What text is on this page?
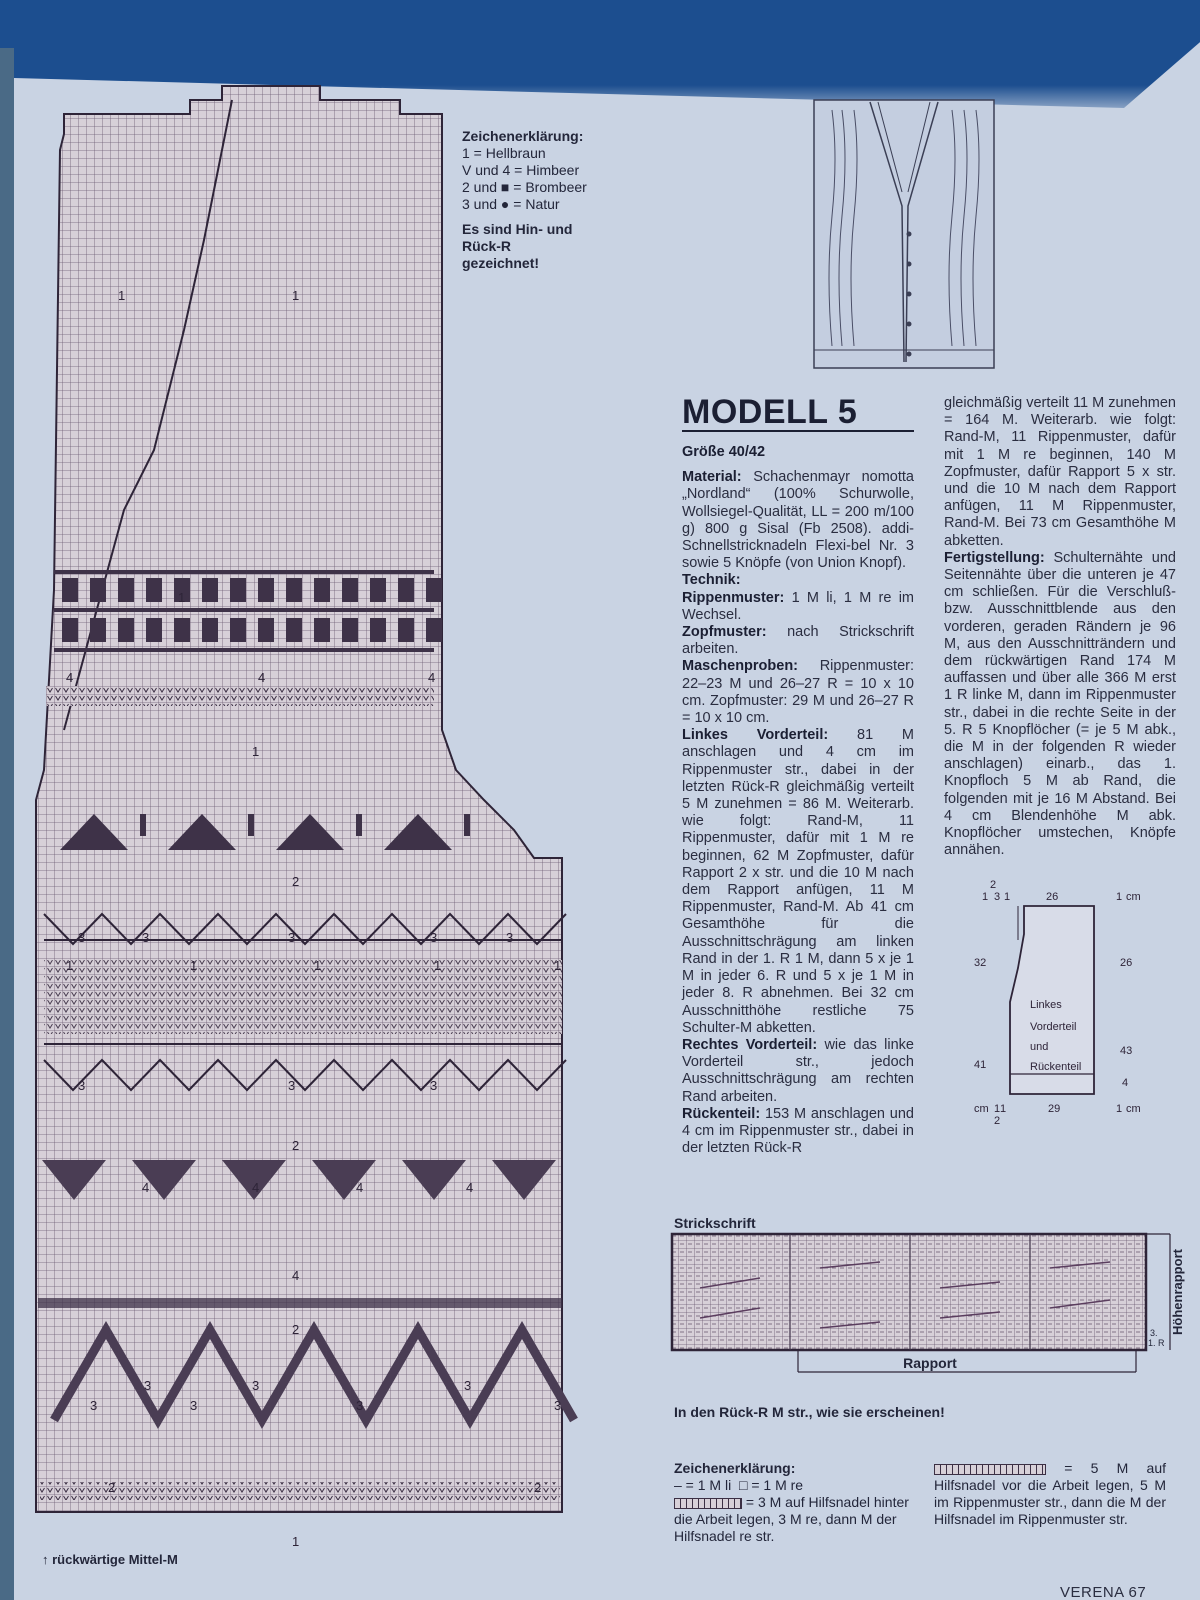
1	1
1
4	4	4
1
2
3	3	3	3	3
1	1	1	1	1
3	3	3
2
4	4	4	4
4
2
3	3
3	3
3
3	3
2	2
1
↑ rückwärtige Mittel-M
Zeichenerklärung:
1 = Hellbraun
V und 4 = Himbeer
2 und ■ = Brombeer
3 und ● = Natur
Es sind Hin- und Rück-R gezeichnet!
MODELL 5

Größe 40/42

Material: Schachenmayr nomotta „Nordland“ (100% Schurwolle, Wollsiegel-Qualität, LL = 200 m/100 g) 800 g Sisal (Fb 2508). addi-Schnellstricknadeln Flexi-bel Nr. 3 sowie 5 Knöpfe (von Union Knopf).

Technik:

Rippenmuster: 1 M li, 1 M re im Wechsel.

Zopfmuster: nach Strickschrift arbeiten.

Maschenproben: Rippenmuster: 22–23 M und 26–27 R = 10 x 10 cm. Zopfmuster: 29 M und 26–27 R = 10 x 10 cm.

Linkes Vorderteil: 81 M anschlagen und 4 cm im Rippenmuster str., dabei in der letzten Rück-R gleichmäßig verteilt 5 M zunehmen = 86 M. Weiterarb. wie folgt: Rand-M, 11 Rippenmuster, dafür mit 1 M re beginnen, 62 M Zopfmuster, dafür Rapport 2 x str. und die 10 M nach dem Rapport anfügen, 11 M Rippenmuster, Rand-M. Ab 41 cm Gesamthöhe für die Ausschnittschrägung am linken Rand in der 1. R 1 M, dann 5 x je 1 M in jeder 6. R und 5 x je 1 M in jeder 8. R abnehmen. Bei 32 cm Ausschnitthöhe restliche 75 Schulter-M abketten.

Rechtes Vorderteil: wie das linke Vorderteil str., jedoch Ausschnittschrägung am rechten Rand arbeiten.

Rückenteil: 153 M anschlagen und 4 cm im Rippenmuster str., dabei in der letzten Rück-R

gleichmäßig verteilt 11 M zunehmen = 164 M. Weiterarb. wie folgt: Rand-M, 11 Rippenmuster, dafür mit 1 M re beginnen, 140 M Zopfmuster, dafür Rapport 5 x str. und die 10 M nach dem Rapport anfügen, 11 M Rippenmuster, Rand-M. Bei 73 cm Gesamthöhe M abketten.

Fertigstellung: Schulternähte und Seitennähte über die unteren je 47 cm schließen. Für die Verschluß- bzw. Ausschnittblende aus den vorderen, geraden Rändern je 96 M, aus den Ausschnitträndern und dem rückwärtigen Rand 174 M auffassen und über alle 366 M erst 1 R linke M, dann im Rippenmuster str., dabei in die rechte Seite in der 5. R 5 Knopflöcher (= je 5 M abk., die M in der folgenden R wieder anschlagen) einarb., das 1. Knopfloch 5 M ab Rand, die folgenden mit je 16 M Abstand. Bei 4 cm Blendenhöhe M abk. Knopflöcher umstechen, Knöpfe annähen.

2
1 3 1	26	1 cm
32
41
26
43
4
cm 1 1
2
29	1 cm
Linkes
Vorderteil
und
Rückenteil
Strickschrift
Rapport
3.
1. R
Höhenrapport
In den Rück-R M str., wie sie erscheinen!
Zeichenerklärung:
– = 1 M li □ = 1 M re
= 3 M auf Hilfsnadel hinter die Arbeit legen, 3 M re, dann M der Hilfsnadel re str.
= 5 M auf Hilfsnadel vor die Arbeit legen, 5 M im Rippenmuster str., dann die M der Hilfsnadel im Rippenmuster str.
VERENA 67
